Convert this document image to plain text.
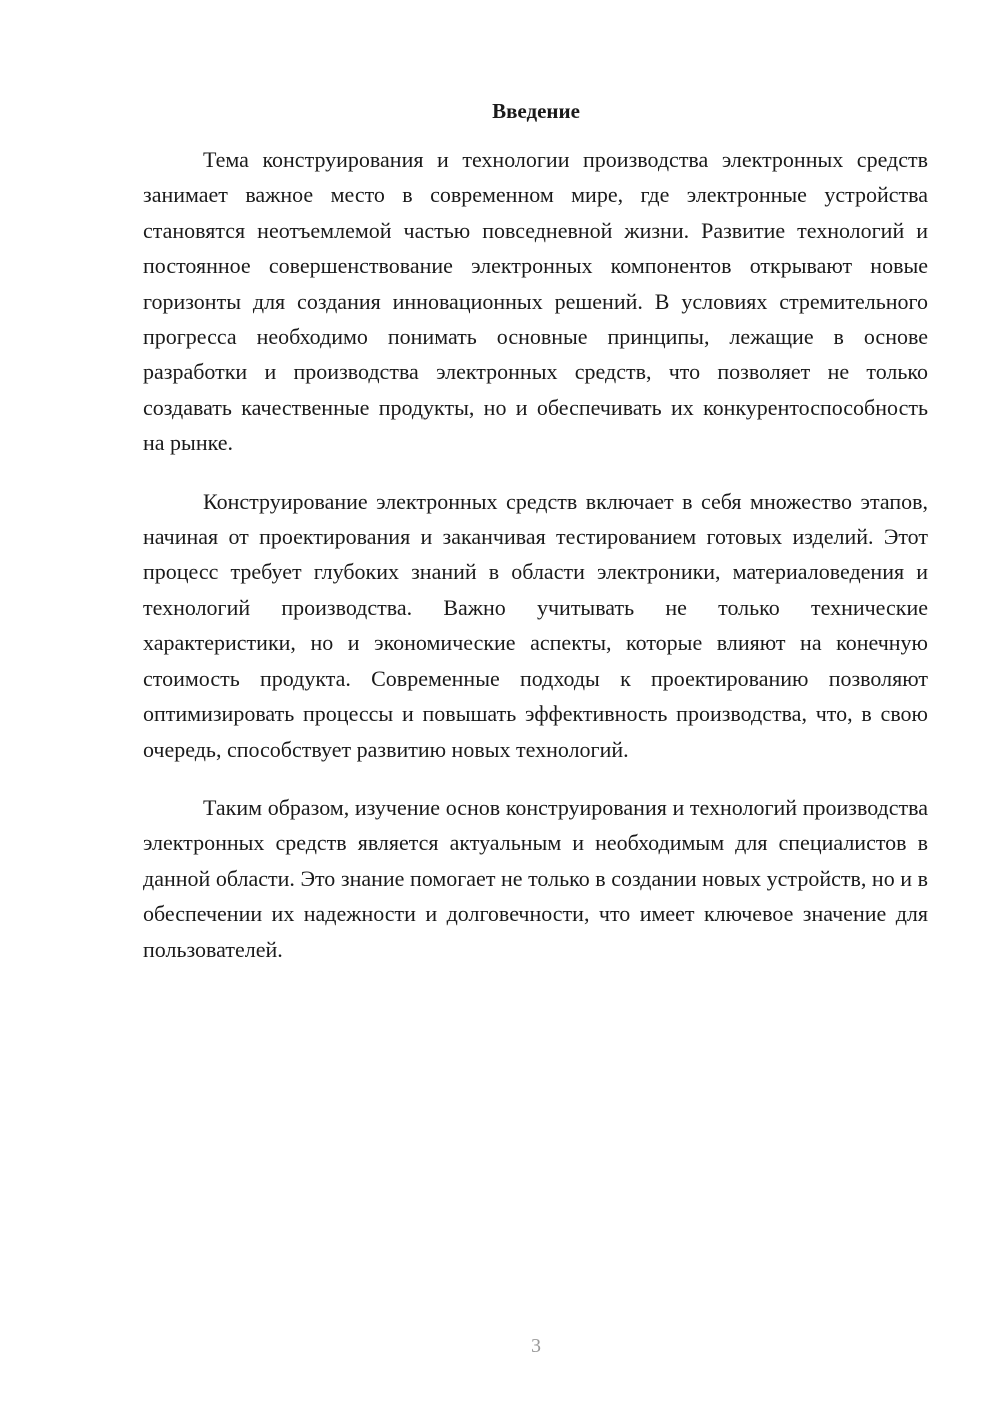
Введение

Тема конструирования и технологии производства электронных средств занимает важное место в современном мире, где электронные устройства становятся неотъемлемой частью повседневной жизни. Развитие технологий и постоянное совершенствование электронных компонентов открывают новые горизонты для создания инновационных решений. В условиях стремительного прогресса необходимо понимать основные принципы, лежащие в основе разработки и производства электронных средств, что позволяет не только создавать качественные продукты, но и обеспечивать их конкурентоспособность на рынке.

Конструирование электронных средств включает в себя множество этапов, начиная от проектирования и заканчивая тестированием готовых изделий. Этот процесс требует глубоких знаний в области электроники, материаловедения и технологий производства. Важно учитывать не только технические характеристики, но и экономические аспекты, которые влияют на конечную стоимость продукта. Современные подходы к проектированию позволяют оптимизировать процессы и повышать эффективность производства, что, в свою очередь, способствует развитию новых технологий.

Таким образом, изучение основ конструирования и технологий производства электронных средств является актуальным и необходимым для специалистов в данной области. Это знание помогает не только в создании новых устройств, но и в обеспечении их надежности и долговечности, что имеет ключевое значение для пользователей.

3
